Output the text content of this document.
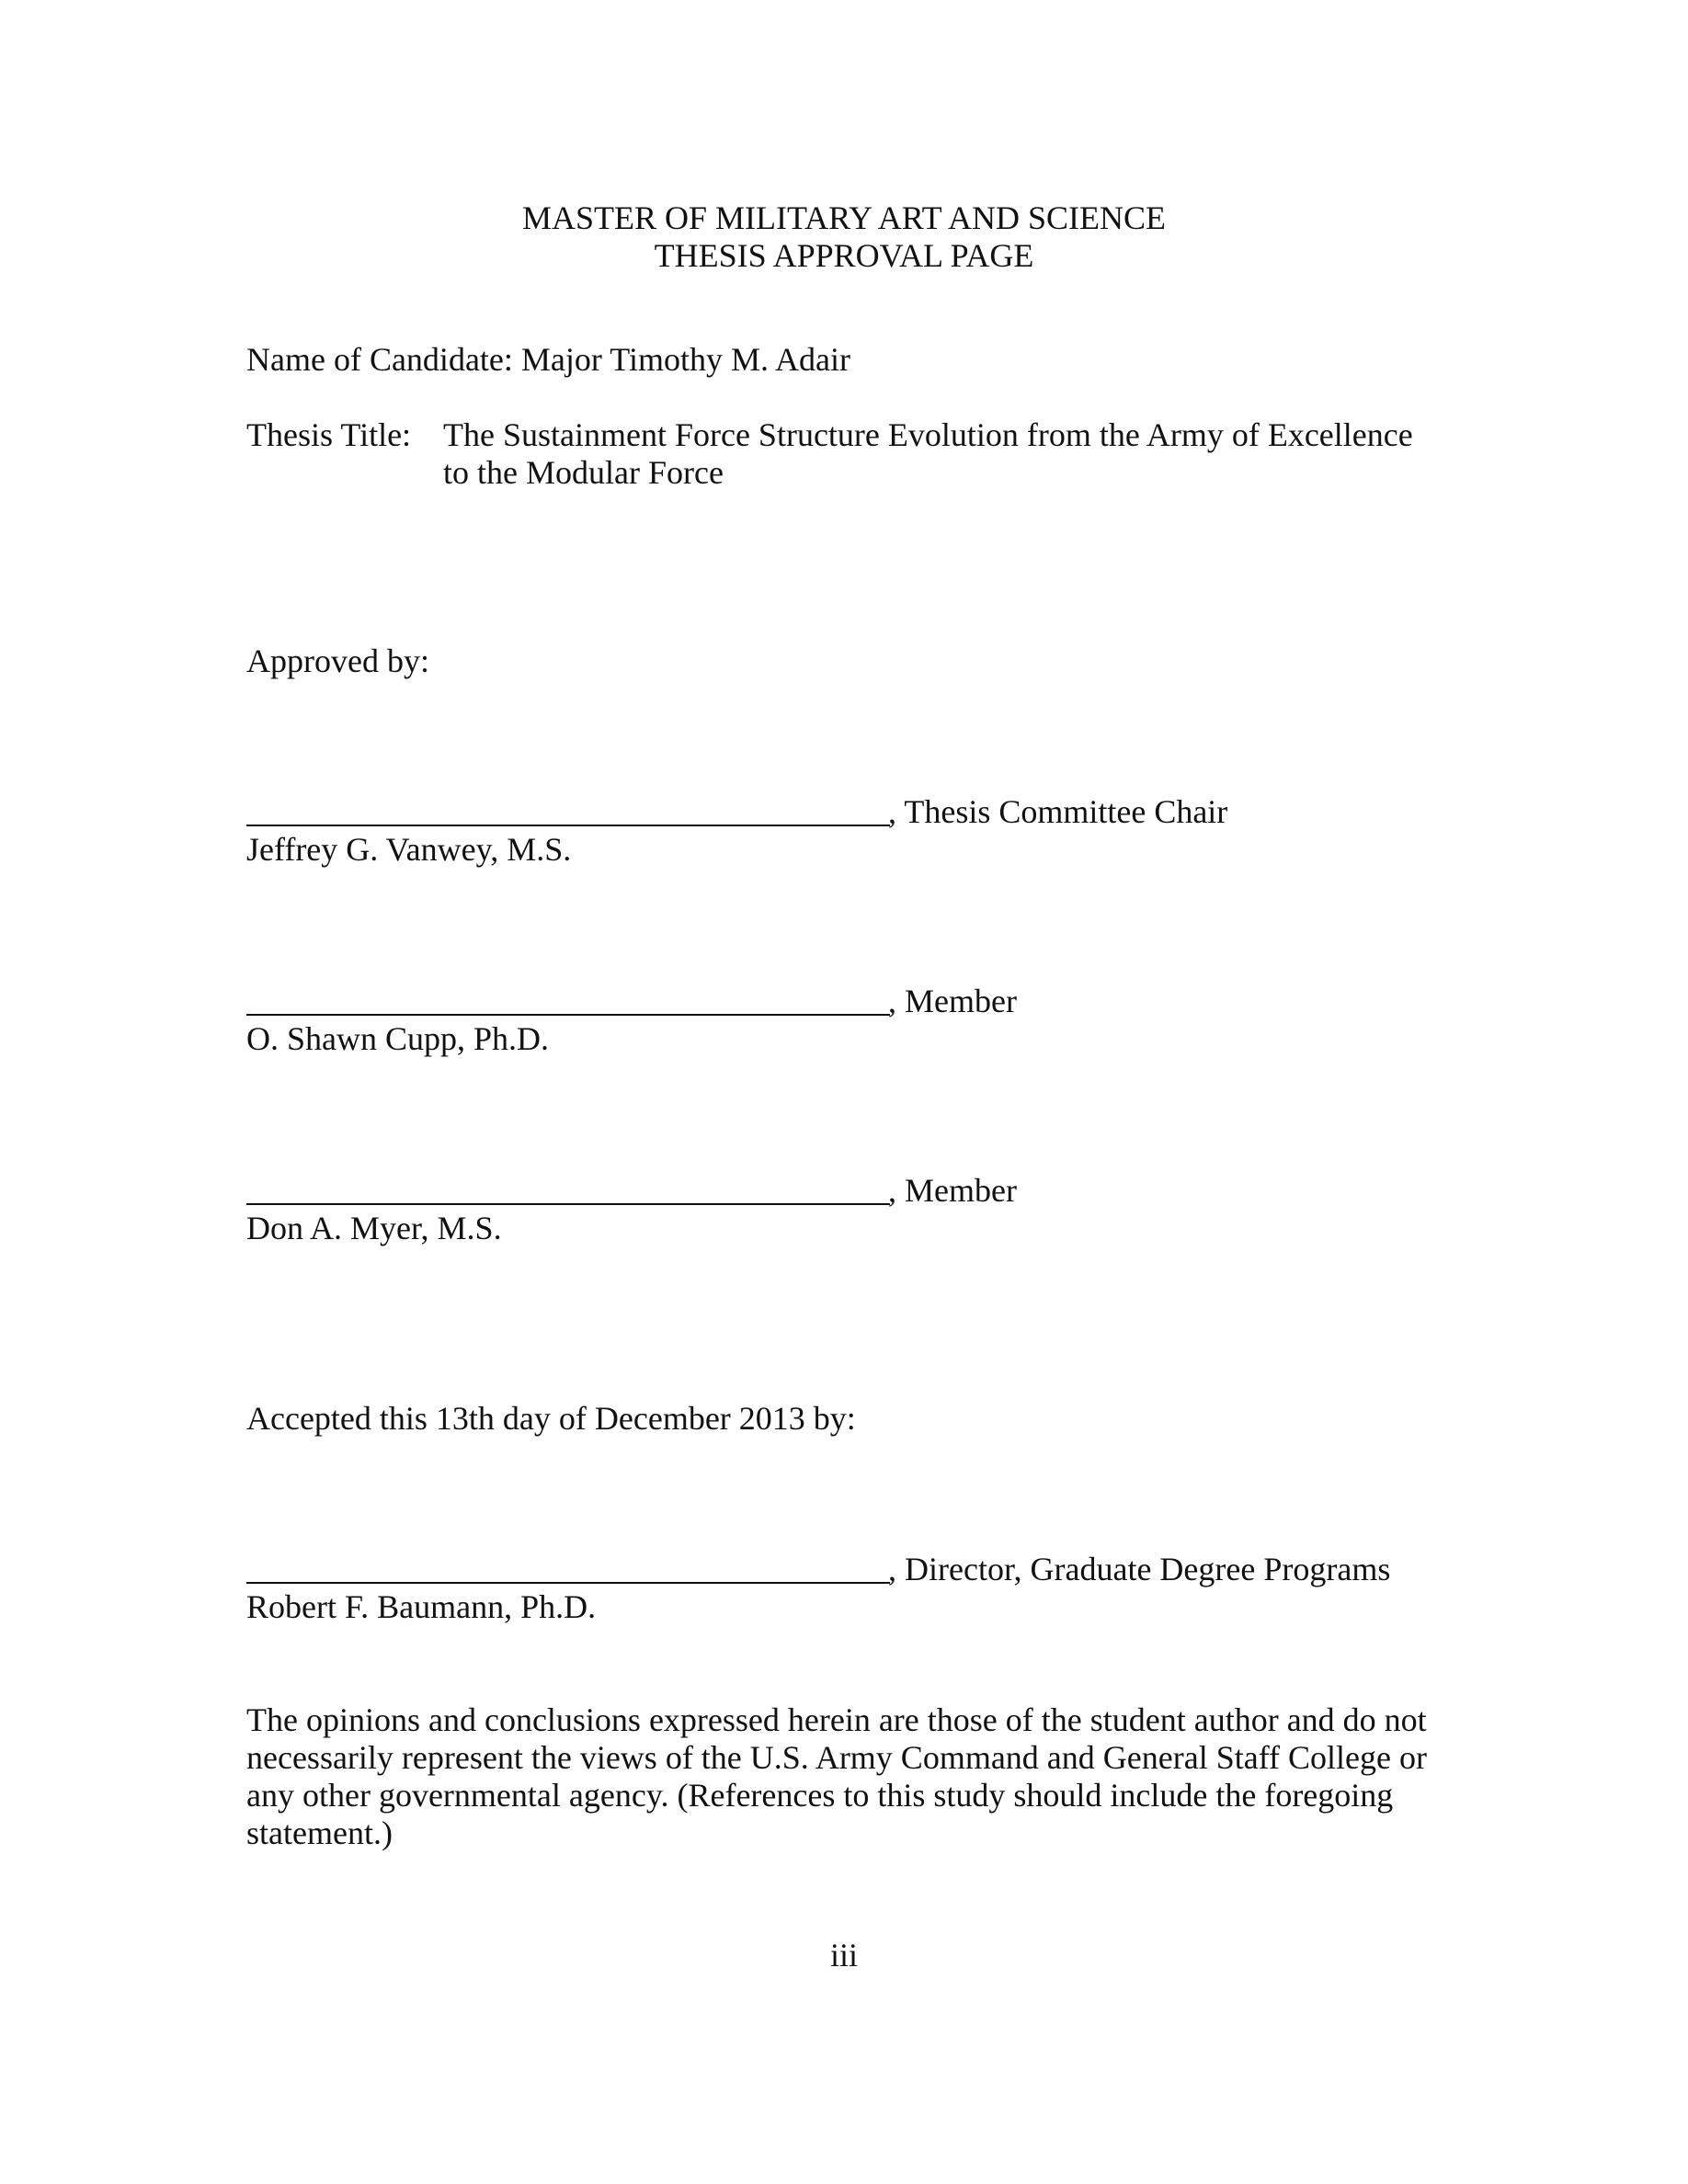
MASTER OF MILITARY ART AND SCIENCE

THESIS APPROVAL PAGE

Name of Candidate: Major Timothy M. Adair

Thesis Title: The Sustainment Force Structure Evolution from the Army of Excellence

to the Modular Force

Approved by:

, Thesis Committee Chair

Jeffrey G. Vanwey, M.S.

, Member

O. Shawn Cupp, Ph.D.

, Member

Don A. Myer, M.S.

Accepted this 13th day of December 2013 by:

, Director, Graduate Degree Programs

Robert F. Baumann, Ph.D.

The opinions and conclusions expressed herein are those of the student author and do not

necessarily represent the views of the U.S. Army Command and General Staff College or

any other governmental agency. (References to this study should include the foregoing

statement.)

iii
